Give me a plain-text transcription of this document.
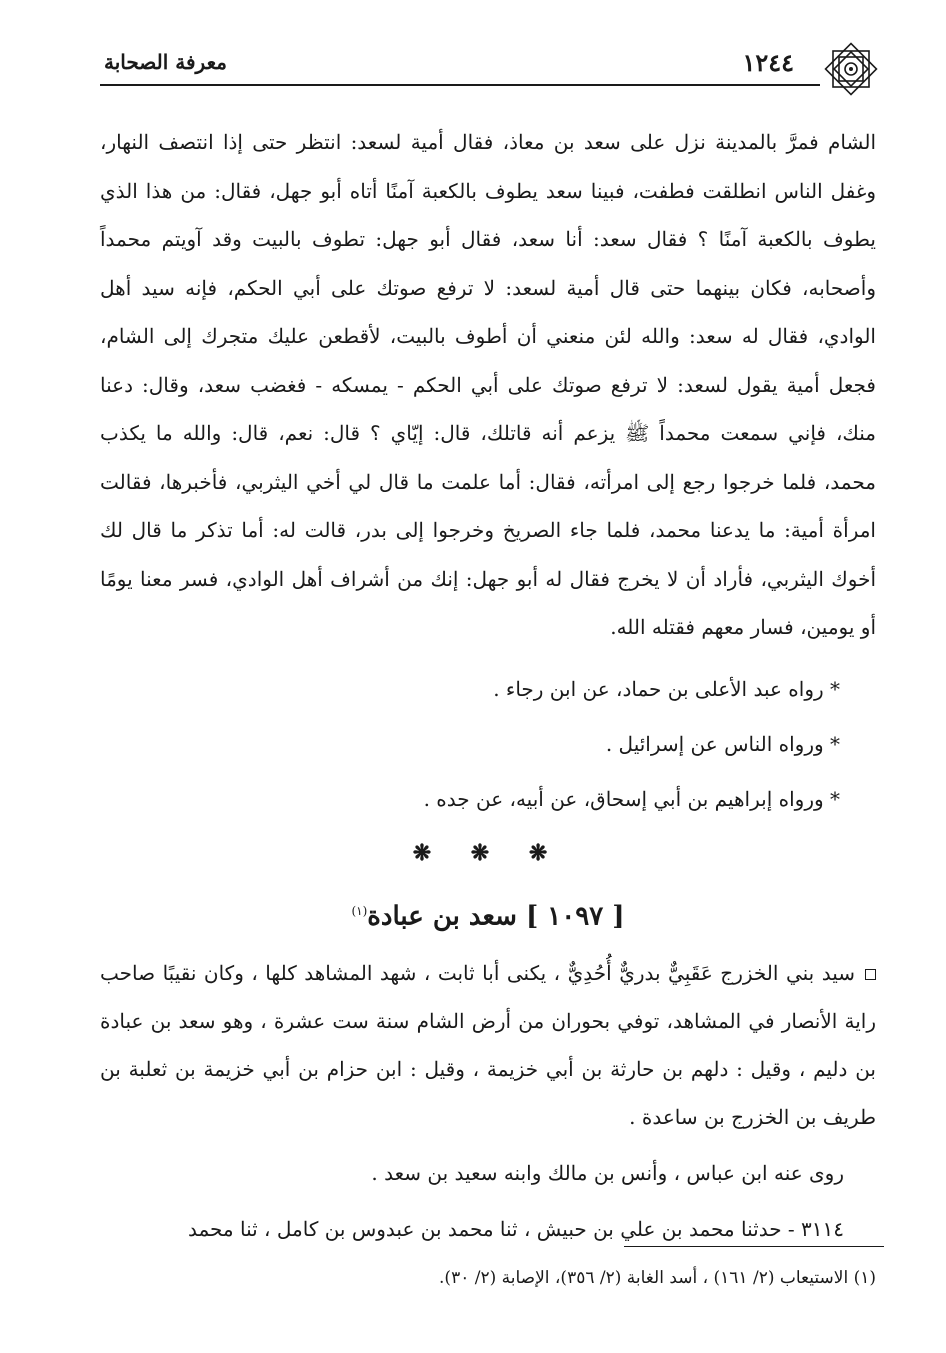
١٢٤٤
معرفة الصحابة

الشام فمرَّ بالمدينة نزل على سعد بن معاذ، فقال أمية لسعد: انتظر حتى إذا انتصف النهار، وغفل الناس انطلقت فطفت، فبينا سعد يطوف بالكعبة آمنًا أتاه أبو جهل، فقال: من هذا الذي يطوف بالكعبة آمنًا ؟ فقال سعد: أنا سعد، فقال أبو جهل: تطوف بالبيت وقد آويتم محمداً وأصحابه، فكان بينهما حتى قال أمية لسعد: لا ترفع صوتك على أبي الحكم، فإنه سيد أهل الوادي، فقال له سعد: والله لئن منعني أن أطوف بالبيت، لأقطعن عليك متجرك إلى الشام، فجعل أمية يقول لسعد: لا ترفع صوتك على أبي الحكم - يمسكه - فغضب سعد، وقال: دعنا منك، فإني سمعت محمداً ﷺ يزعم أنه قاتلك، قال: إيّاي ؟ قال: نعم، قال: والله ما يكذب محمد، فلما خرجوا رجع إلى امرأته، فقال: أما علمت ما قال لي أخي اليثربي، فأخبرها، فقالت امرأة أمية: ما يدعنا محمد، فلما جاء الصريخ وخرجوا إلى بدر، قالت له: أما تذكر ما قال لك أخوك اليثربي، فأراد أن لا يخرج فقال له أبو جهل: إنك من أشراف أهل الوادي، فسر معنا يومًا أو يومين، فسار معهم فقتله الله.

* رواه عبد الأعلى بن حماد، عن ابن رجاء .

* ورواه الناس عن إسرائيل .

* ورواه إبراهيم بن أبي إسحاق، عن أبيه، عن جده .

❋ ❋ ❋
[ ١٠٩٧ ] سعد بن عبادة$^{(١)}$

سيد بني الخزرج عَقَبِيٌّ بدريٌّ أُحُدِيٌّ ، يكنى أبا ثابت ، شهد المشاهد كلها ، وكان نقيبًا صاحب راية الأنصار في المشاهد، توفي بحوران من أرض الشام سنة ست عشرة ، وهو سعد بن عبادة بن دليم ، وقيل : دلهم بن حارثة بن أبي خزيمة ، وقيل : ابن حزام بن أبي خزيمة بن ثعلبة بن طريف بن الخزرج بن ساعدة .

روى عنه ابن عباس ، وأنس بن مالك وابنه سعيد بن سعد .

٣١١٤ - حدثنا محمد بن علي بن حبيش ، ثنا محمد بن عبدوس بن كامل ، ثنا محمد

(١) الاستيعاب (٢/ ١٦١) ، أسد الغابة (٢/ ٣٥٦)، الإصابة (٢/ ٣٠).
